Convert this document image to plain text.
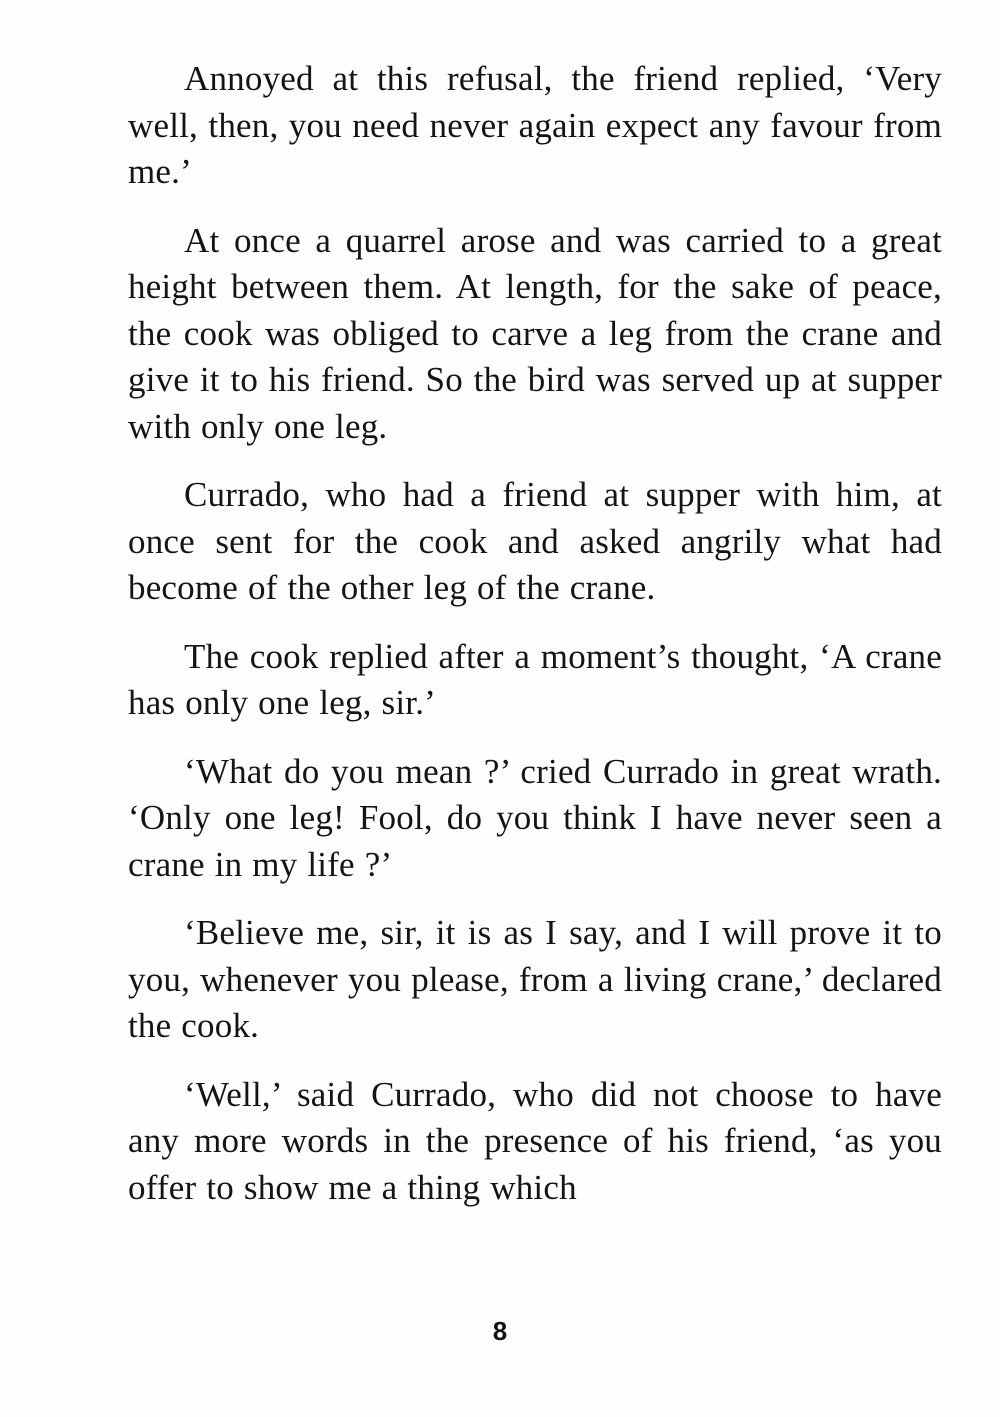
Annoyed at this refusal, the friend replied, ‘Very well, then, you need never again expect any favour from me.’

At once a quarrel arose and was carried to a great height between them. At length, for the sake of peace, the cook was obliged to carve a leg from the crane and give it to his friend. So the bird was served up at supper with only one leg.

Currado, who had a friend at supper with him, at once sent for the cook and asked angrily what had become of the other leg of the crane.

The cook replied after a moment’s thought, ‘A crane has only one leg, sir.’

‘What do you mean ?’ cried Currado in great wrath. ‘Only one leg! Fool, do you think I have never seen a crane in my life ?’

‘Believe me, sir, it is as I say, and I will prove it to you, whenever you please, from a living crane,’ declared the cook.

‘Well,’ said Currado, who did not choose to have any more words in the presence of his friend, ‘as you offer to show me a thing which

8
